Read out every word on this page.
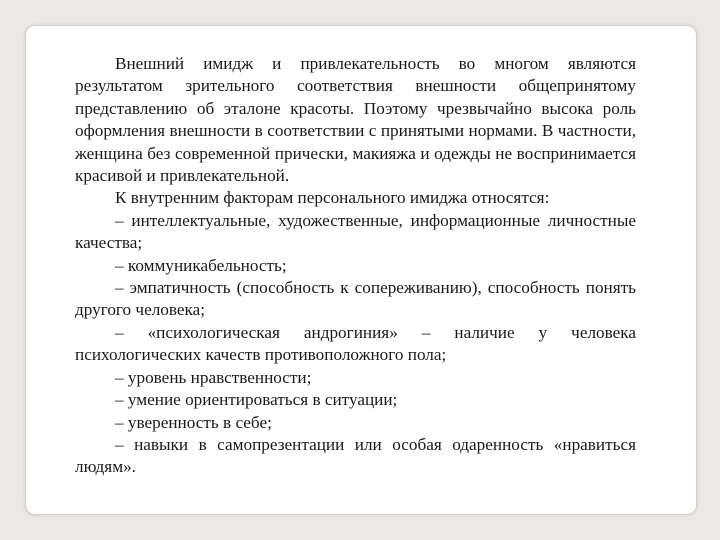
Внешний имидж и привлекательность во многом являются результатом зрительного соответствия внешности общепринятому представлению об эталоне красоты. Поэтому чрезвычайно высока роль оформления внешности в соответствии с принятыми нормами. В частности, женщина без современной прически, макияжа и одежды не воспринимается красивой и привлекательной.

К внутренним факторам персонального имиджа относятся:

– интеллектуальные, художественные, информационные личностные качества;

– коммуникабельность;

– эмпатичность (способность к сопереживанию), способность понять другого человека;

– «психологическая андрогиния» – наличие у человека психологических качеств противоположного пола;

– уровень нравственности;

– умение ориентироваться в ситуации;

– уверенность в себе;

– навыки в самопрезентации или особая одаренность «нравиться людям».
